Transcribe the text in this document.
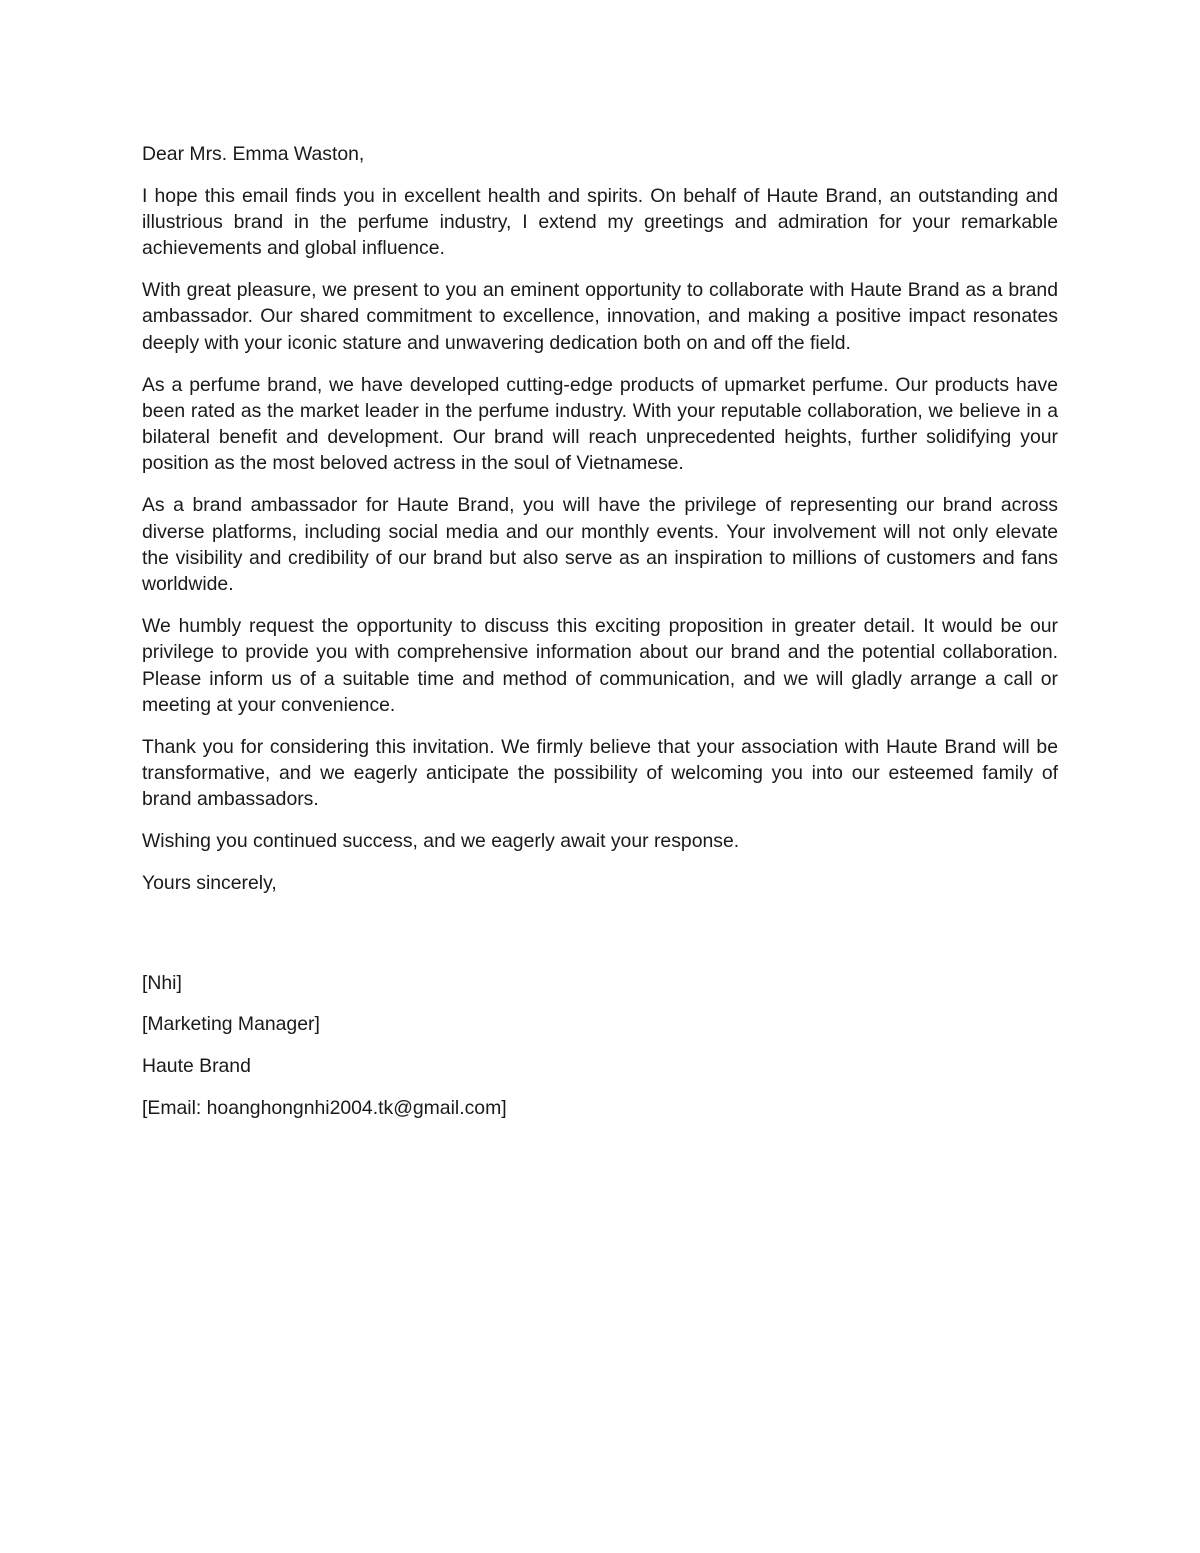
Dear Mrs. Emma Waston,

I hope this email finds you in excellent health and spirits. On behalf of Haute Brand, an outstanding and illustrious brand in the perfume industry, I extend my greetings and admiration for your remarkable achievements and global influence.

With great pleasure, we present to you an eminent opportunity to collaborate with Haute Brand as a brand ambassador. Our shared commitment to excellence, innovation, and making a positive impact resonates deeply with your iconic stature and unwavering dedication both on and off the field.

As a perfume brand, we have developed cutting-edge products of upmarket perfume. Our products have been rated as the market leader in the perfume industry. With your reputable collaboration, we believe in a bilateral benefit and development. Our brand will reach unprecedented heights, further solidifying your position as the most beloved actress in the soul of Vietnamese.

As a brand ambassador for Haute Brand, you will have the privilege of representing our brand across diverse platforms, including social media and our monthly events. Your involvement will not only elevate the visibility and credibility of our brand but also serve as an inspiration to millions of customers and fans worldwide.

We humbly request the opportunity to discuss this exciting proposition in greater detail. It would be our privilege to provide you with comprehensive information about our brand and the potential collaboration. Please inform us of a suitable time and method of communication, and we will gladly arrange a call or meeting at your convenience.

Thank you for considering this invitation. We firmly believe that your association with Haute Brand will be transformative, and we eagerly anticipate the possibility of welcoming you into our esteemed family of brand ambassadors.

Wishing you continued success, and we eagerly await your response.

Yours sincerely,

[Nhi]

[Marketing Manager]

Haute Brand

[Email: hoanghongnhi2004.tk@gmail.com]
